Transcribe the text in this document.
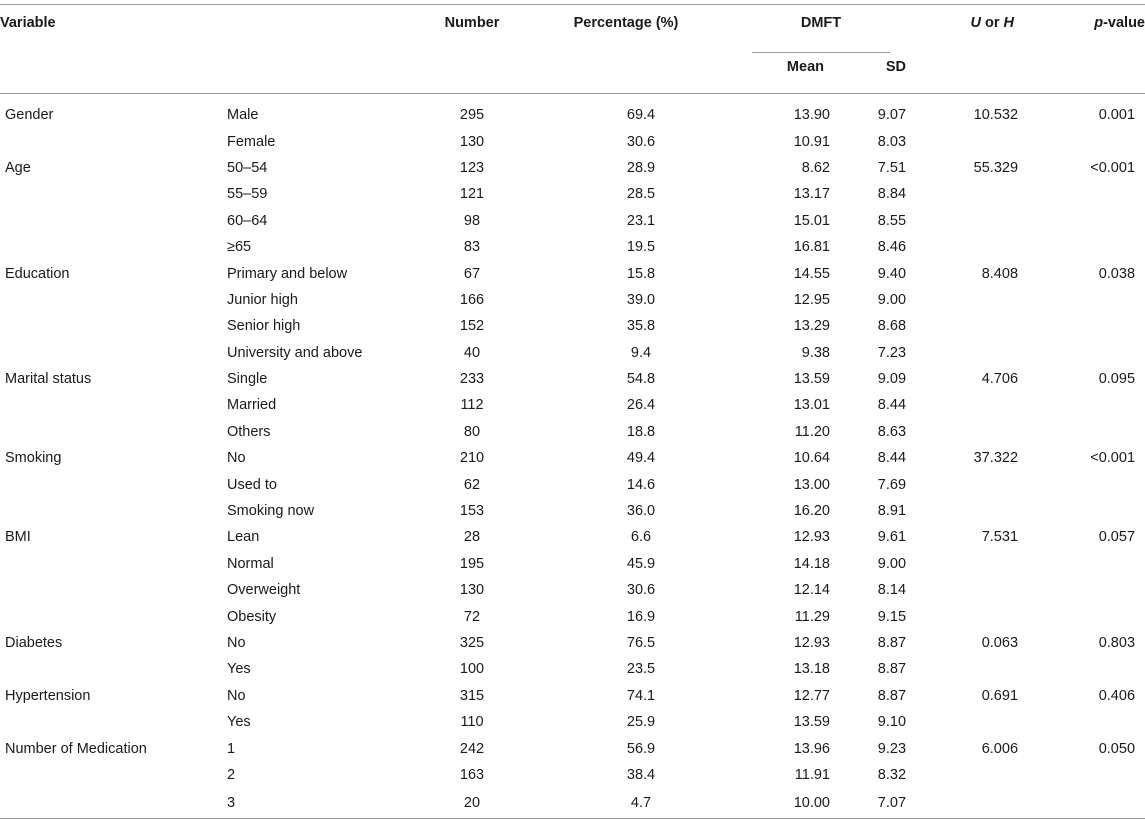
Variable		Number	Percentage (%)	DMFT		U or H	p-value
				Mean	SD		

Gender	Male	295	69.4	13.90	9.07	10.532	0.001
	Female	130	30.6	10.91	8.03		
Age	50–54	123	28.9	8.62	7.51	55.329	<0.001
	55–59	121	28.5	13.17	8.84		
	60–64	98	23.1	15.01	8.55		
	≥65	83	19.5	16.81	8.46		
Education	Primary and below	67	15.8	14.55	9.40	8.408	0.038
	Junior high	166	39.0	12.95	9.00		
	Senior high	152	35.8	13.29	8.68		
	University and above	40	9.4	9.38	7.23		
Marital status	Single	233	54.8	13.59	9.09	4.706	0.095
	Married	112	26.4	13.01	8.44		
	Others	80	18.8	11.20	8.63		
Smoking	No	210	49.4	10.64	8.44	37.322	<0.001
	Used to	62	14.6	13.00	7.69		
	Smoking now	153	36.0	16.20	8.91		
BMI	Lean	28	6.6	12.93	9.61	7.531	0.057
	Normal	195	45.9	14.18	9.00		
	Overweight	130	30.6	12.14	8.14		
	Obesity	72	16.9	11.29	9.15		
Diabetes	No	325	76.5	12.93	8.87	0.063	0.803
	Yes	100	23.5	13.18	8.87		
Hypertension	No	315	74.1	12.77	8.87	0.691	0.406
	Yes	110	25.9	13.59	9.10		
Number of Medication	1	242	56.9	13.96	9.23	6.006	0.050
	2	163	38.4	11.91	8.32		
	3	20	4.7	10.00	7.07		
